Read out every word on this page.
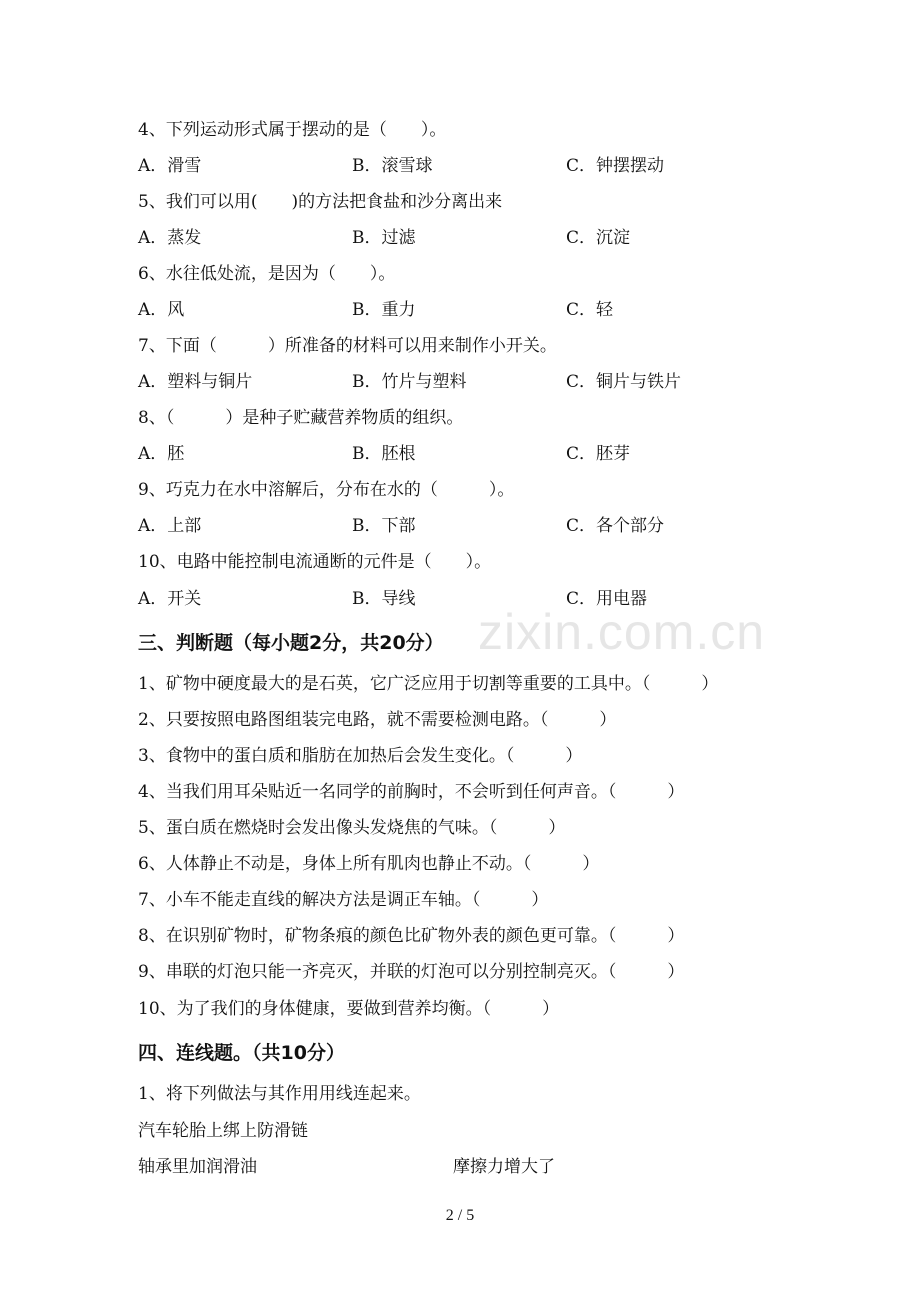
zixin.com.cn
4、下列运动形式属于摆动的是（　　）。
A．滑雪	B．滚雪球	C．钟摆摆动
5、我们可以用(　　)的方法把食盐和沙分离出来
A．蒸发	B．过滤	C．沉淀
6、水往低处流，是因为（　　）。
A．风	B．重力	C．轻
7、下面（　　　）所准备的材料可以用来制作小开关。
A．塑料与铜片	B．竹片与塑料	C．铜片与铁片
8、（　　　）是种子贮藏营养物质的组织。
A．胚	B．胚根	C．胚芽
9、巧克力在水中溶解后，分布在水的（　　　）。
A．上部	B．下部	C．各个部分
10、电路中能控制电流通断的元件是（　　）。
A．开关	B．导线	C．用电器
三、判断题（每小题2分，共20分）
1、矿物中硬度最大的是石英，它广泛应用于切割等重要的工具中。（　　　）
2、只要按照电路图组装完电路，就不需要检测电路。（　　　）
3、食物中的蛋白质和脂肪在加热后会发生变化。（　　　）
4、当我们用耳朵贴近一名同学的前胸时，不会听到任何声音。（　　　）
5、蛋白质在燃烧时会发出像头发烧焦的气味。（　　　）
6、人体静止不动是，身体上所有肌肉也静止不动。（　　　）
7、小车不能走直线的解决方法是调正车轴。（　　　）
8、在识别矿物时，矿物条痕的颜色比矿物外表的颜色更可靠。（　　　）
9、串联的灯泡只能一齐亮灭，并联的灯泡可以分别控制亮灭。（　　　）
10、为了我们的身体健康，要做到营养均衡。（　　　）
四、连线题。（共10分）
1、将下列做法与其作用用线连起来。
汽车轮胎上绑上防滑链
轴承里加润滑油	摩擦力增大了
2 / 5
